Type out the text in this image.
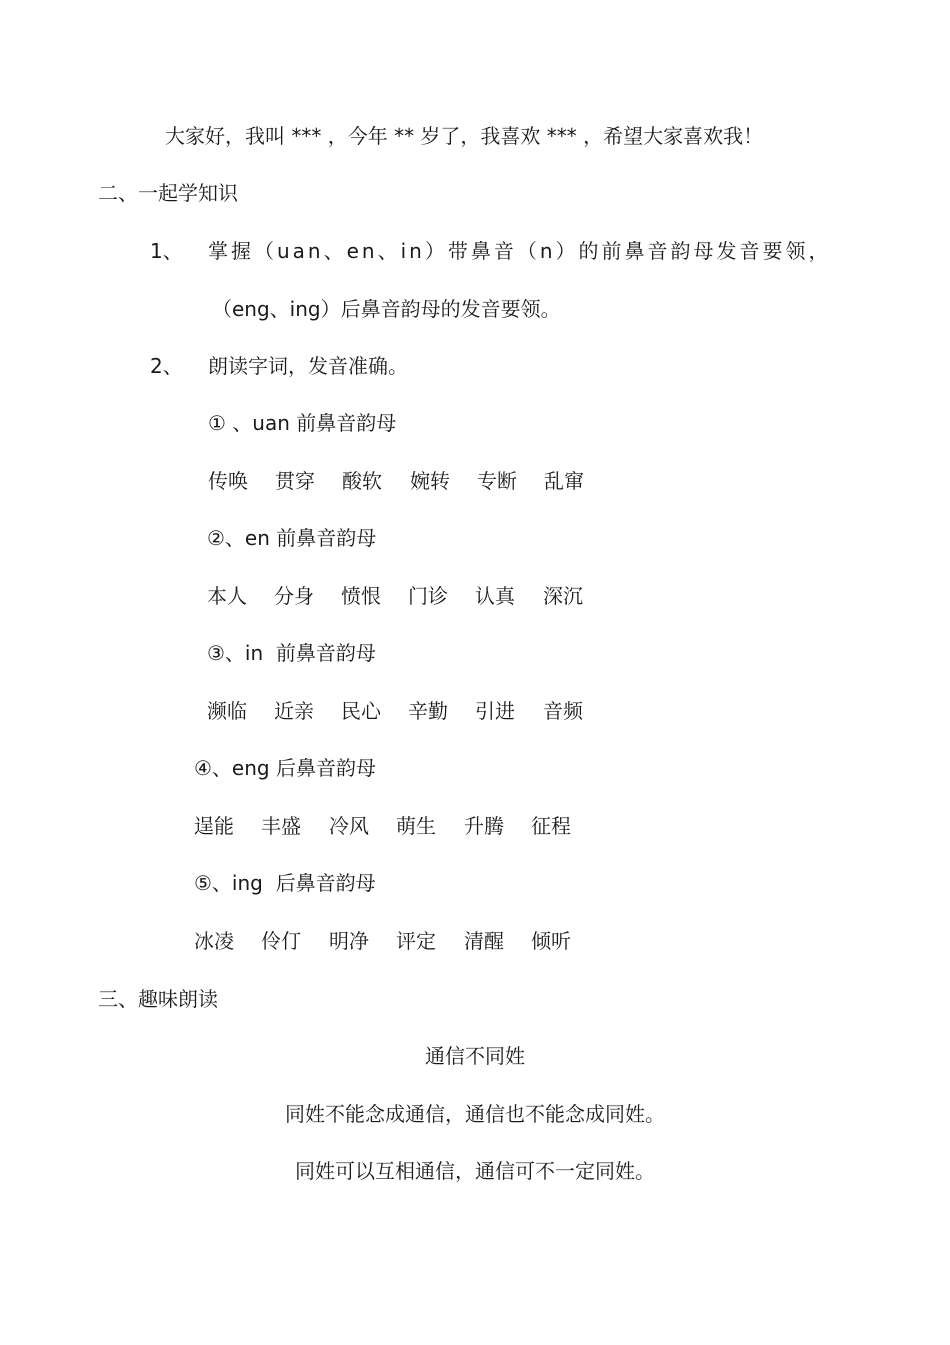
大家好，我叫 *** ，今年 ** 岁了，我喜欢 *** ，希望大家喜欢我！
二、一起学知识
1、 掌握（uan、en、in）带鼻音（n）的前鼻音韵母发音要领，
（eng、ing）后鼻音韵母的发音要领。
2、 朗读字词，发音准确。
① 、uan 前鼻音韵母
传唤 贯穿 酸软 婉转 专断 乱窜
②、en 前鼻音韵母
本人 分身 愤恨 门诊 认真 深沉
③、in  前鼻音韵母
濒临 近亲 民心 辛勤 引进 音频
④、eng 后鼻音韵母
逞能 丰盛 冷风 萌生 升腾 征程
⑤、ing  后鼻音韵母
冰凌 伶仃 明净 评定 清醒 倾听
三、趣味朗读
通信不同姓
同姓不能念成通信，通信也不能念成同姓。
同姓可以互相通信，通信可不一定同姓。
